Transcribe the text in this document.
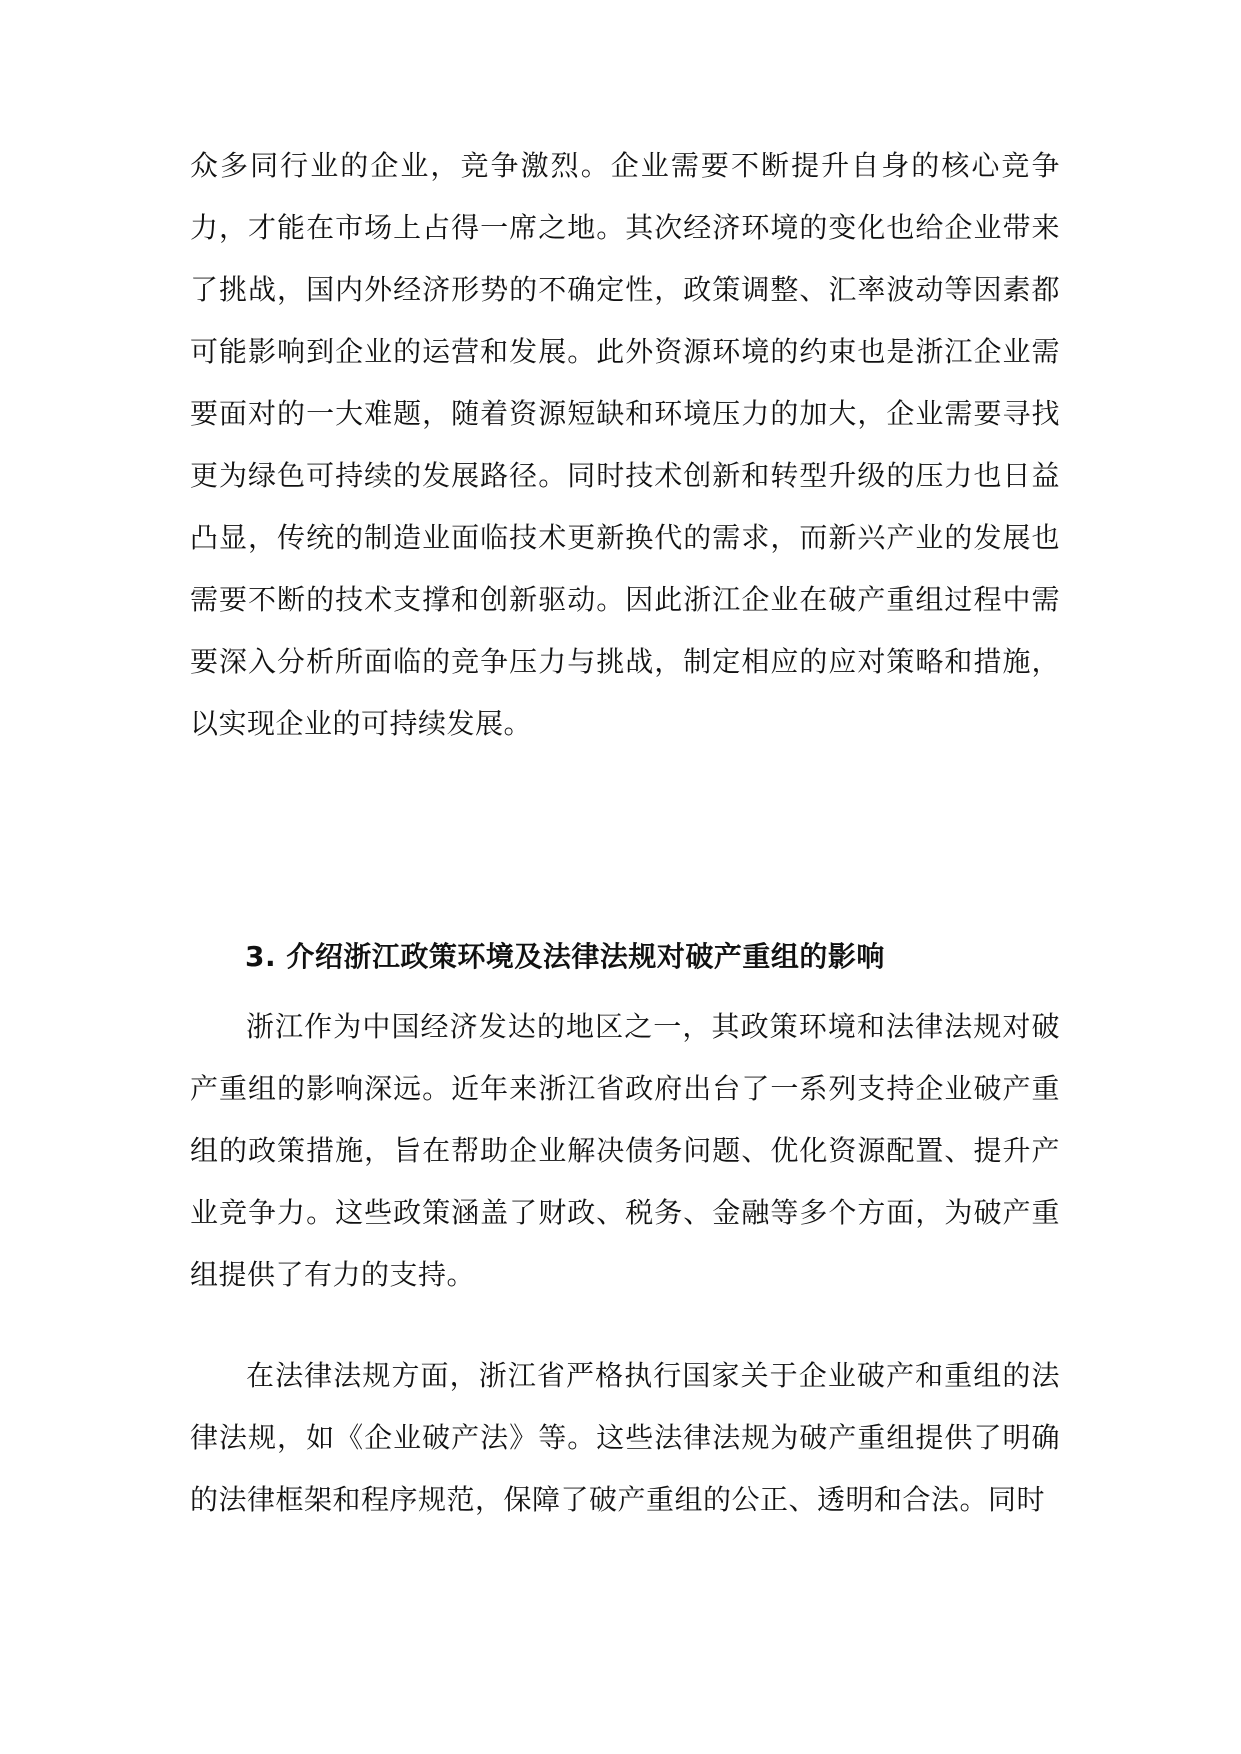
众多同行业的企业，竞争激烈。企业需要不断提升自身的核心竞争力，才能在市场上占得一席之地。其次经济环境的变化也给企业带来了挑战，国内外经济形势的不确定性，政策调整、汇率波动等因素都可能影响到企业的运营和发展。此外资源环境的约束也是浙江企业需要面对的一大难题，随着资源短缺和环境压力的加大，企业需要寻找更为绿色可持续的发展路径。同时技术创新和转型升级的压力也日益凸显，传统的制造业面临技术更新换代的需求，而新兴产业的发展也需要不断的技术支撑和创新驱动。因此浙江企业在破产重组过程中需要深入分析所面临的竞争压力与挑战，制定相应的应对策略和措施，以实现企业的可持续发展。

3. 介绍浙江政策环境及法律法规对破产重组的影响

浙江作为中国经济发达的地区之一，其政策环境和法律法规对破产重组的影响深远。近年来浙江省政府出台了一系列支持企业破产重组的政策措施，旨在帮助企业解决债务问题、优化资源配置、提升产业竞争力。这些政策涵盖了财政、税务、金融等多个方面，为破产重组提供了有力的支持。

在法律法规方面，浙江省严格执行国家关于企业破产和重组的法律法规，如《企业破产法》等。这些法律法规为破产重组提供了明确的法律框架和程序规范，保障了破产重组的公正、透明和合法。同时
